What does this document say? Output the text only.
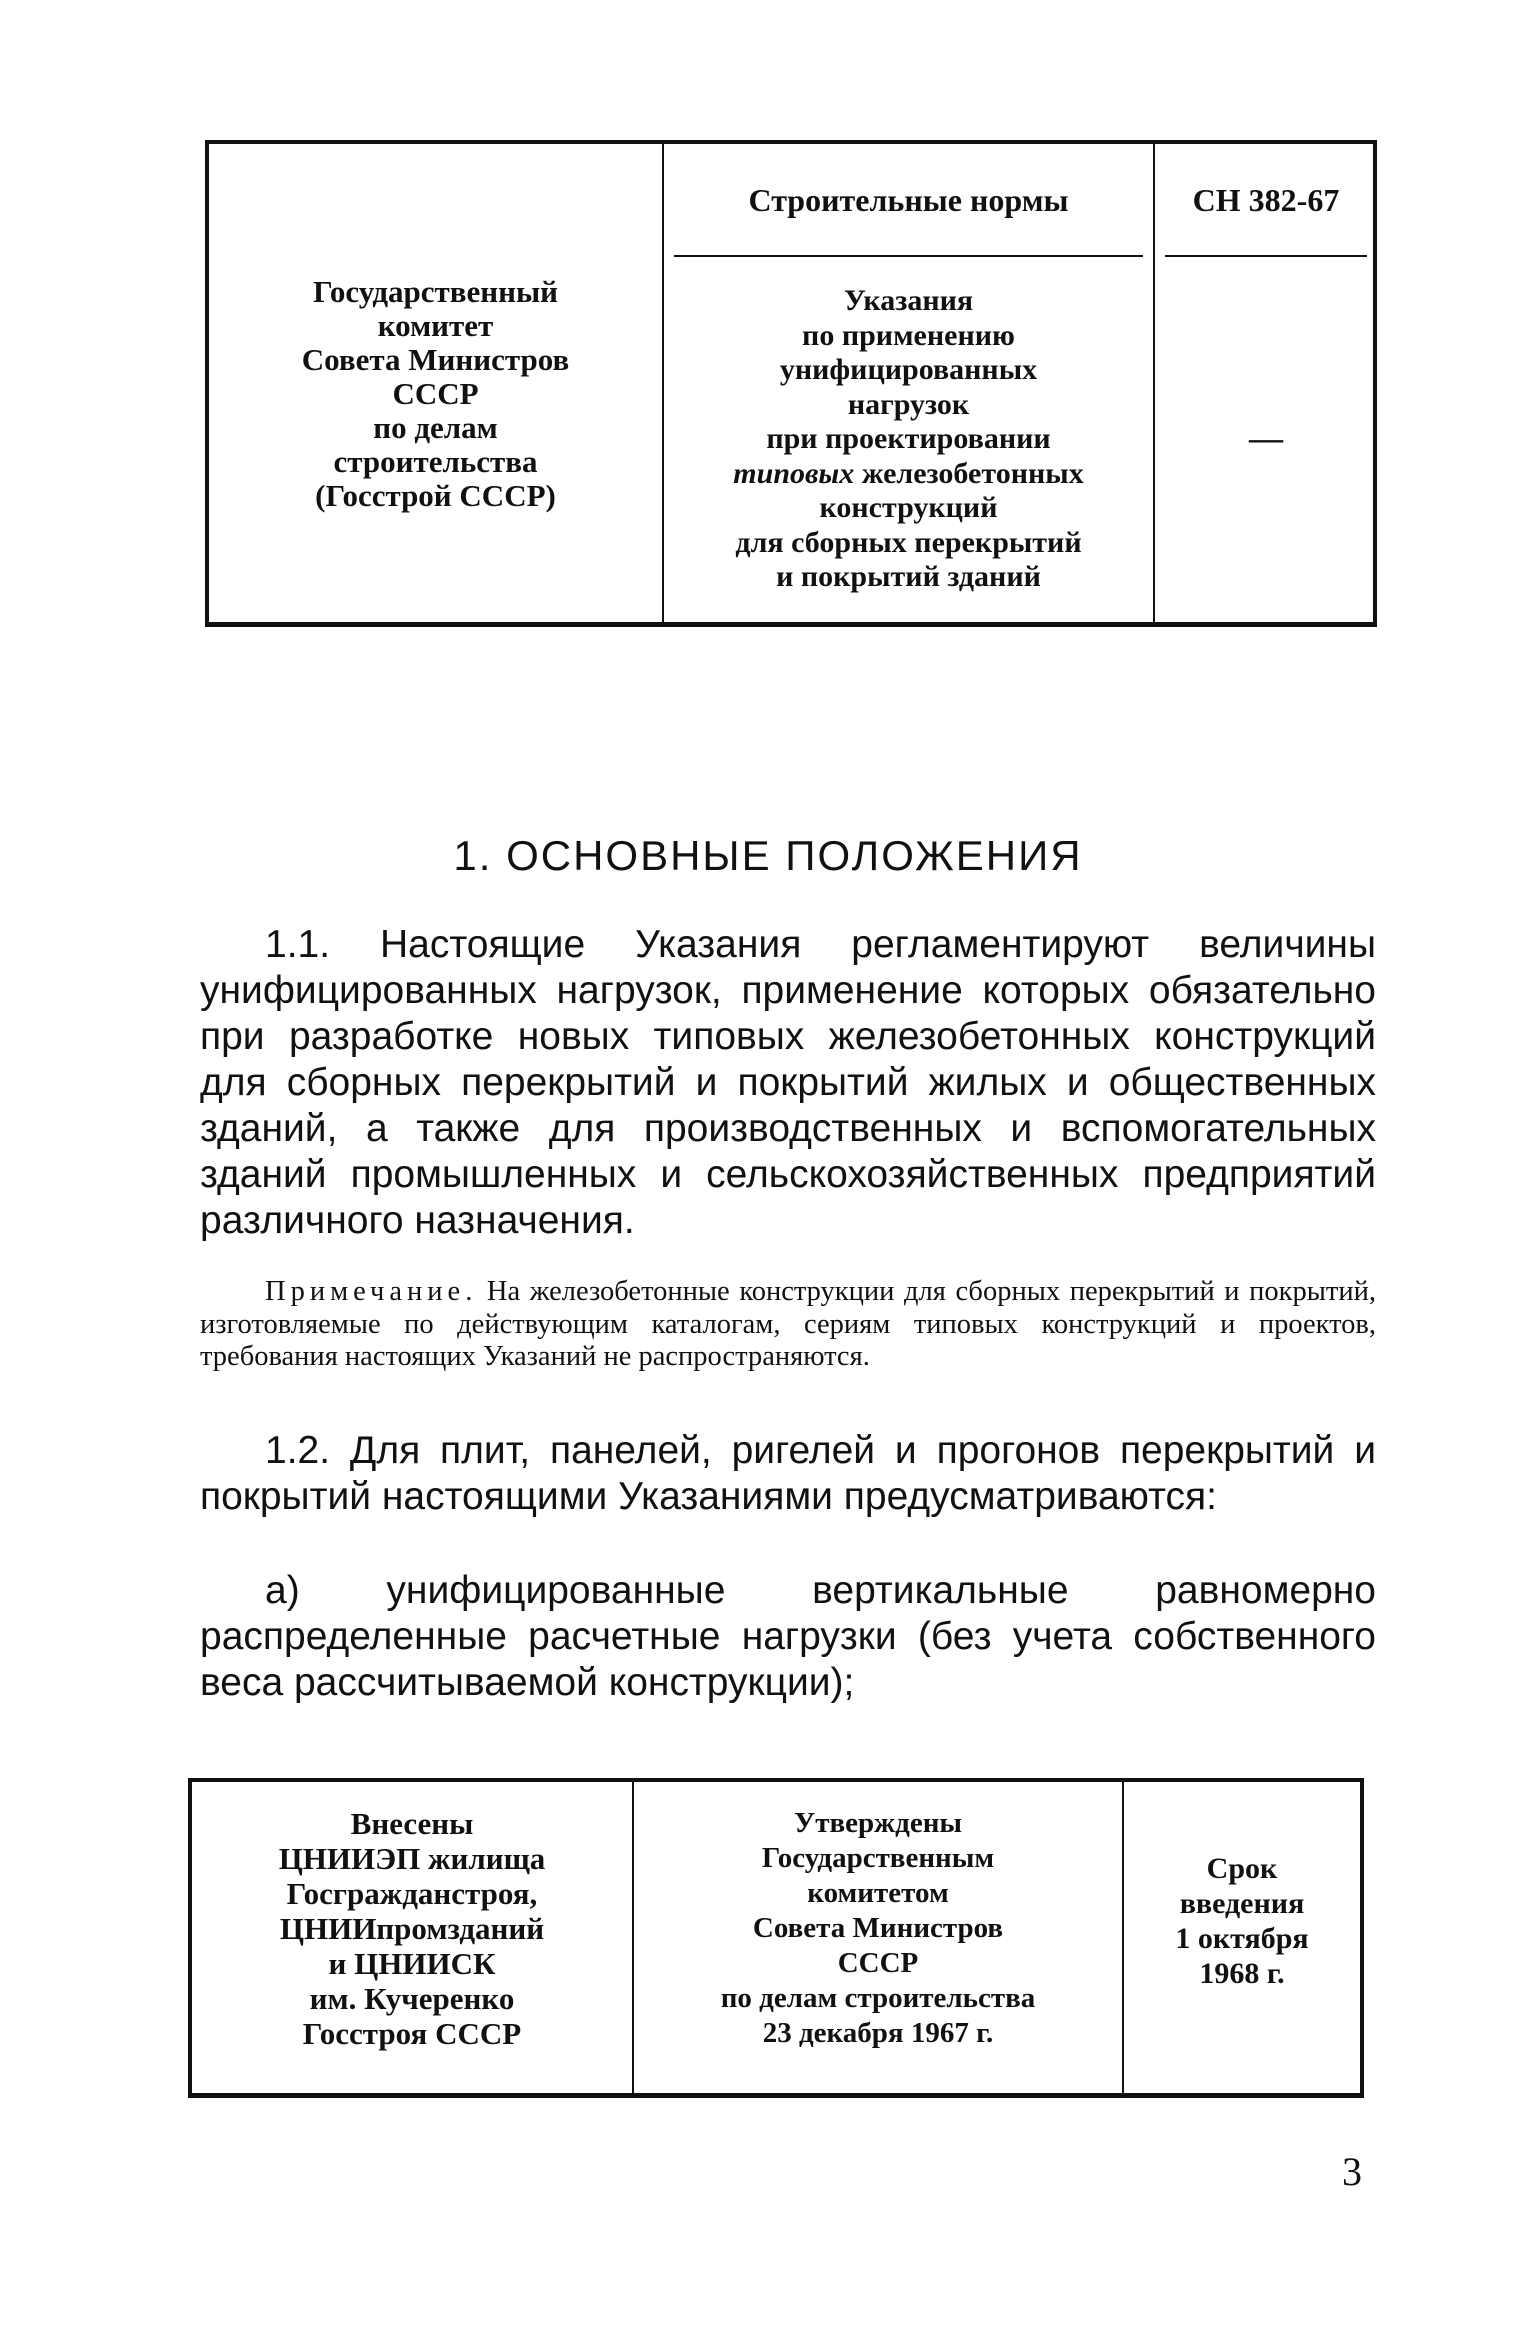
Государственный
комитет
Совета Министров
СССР
по делам
строительства
(Госстрой СССР)
Строительные нормы
Указания
по применению
унифицированных
нагрузок
при проектировании
типовых железобетонных
конструкций
для сборных перекрытий
и покрытий зданий
СН 382-67
—
1. ОСНОВНЫЕ ПОЛОЖЕНИЯ
1.1. Настоящие Указания регламентируют величины унифицированных нагрузок, применение которых обязательно при разработке новых типовых железобетонных конструкций для сборных перекрытий и покрытий жилых и общественных зданий, а также для производственных и вспомогательных зданий промышленных и сельскохозяйственных предприятий различного назначения.
Примечание. На железобетонные конструкции для сборных перекрытий и покрытий, изготовляемые по действующим каталогам, сериям типовых конструкций и проектов, требования настоящих Указаний не распространяются.
1.2. Для плит, панелей, ригелей и прогонов перекрытий и покрытий настоящими Указаниями предусматриваются:
а) унифицированные вертикальные равномерно распределенные расчетные нагрузки (без учета собственного веса рассчитываемой конструкции);
Внесены
ЦНИИЭП жилища
Госгражданстроя,
ЦНИИпромзданий
и ЦНИИСК
им. Кучеренко
Госстроя СССР
Утверждены
Государственным
комитетом
Совета Министров
СССР
по делам строительства
23 декабря 1967 г.
Срок
введения
1 октября
1968 г.
3
